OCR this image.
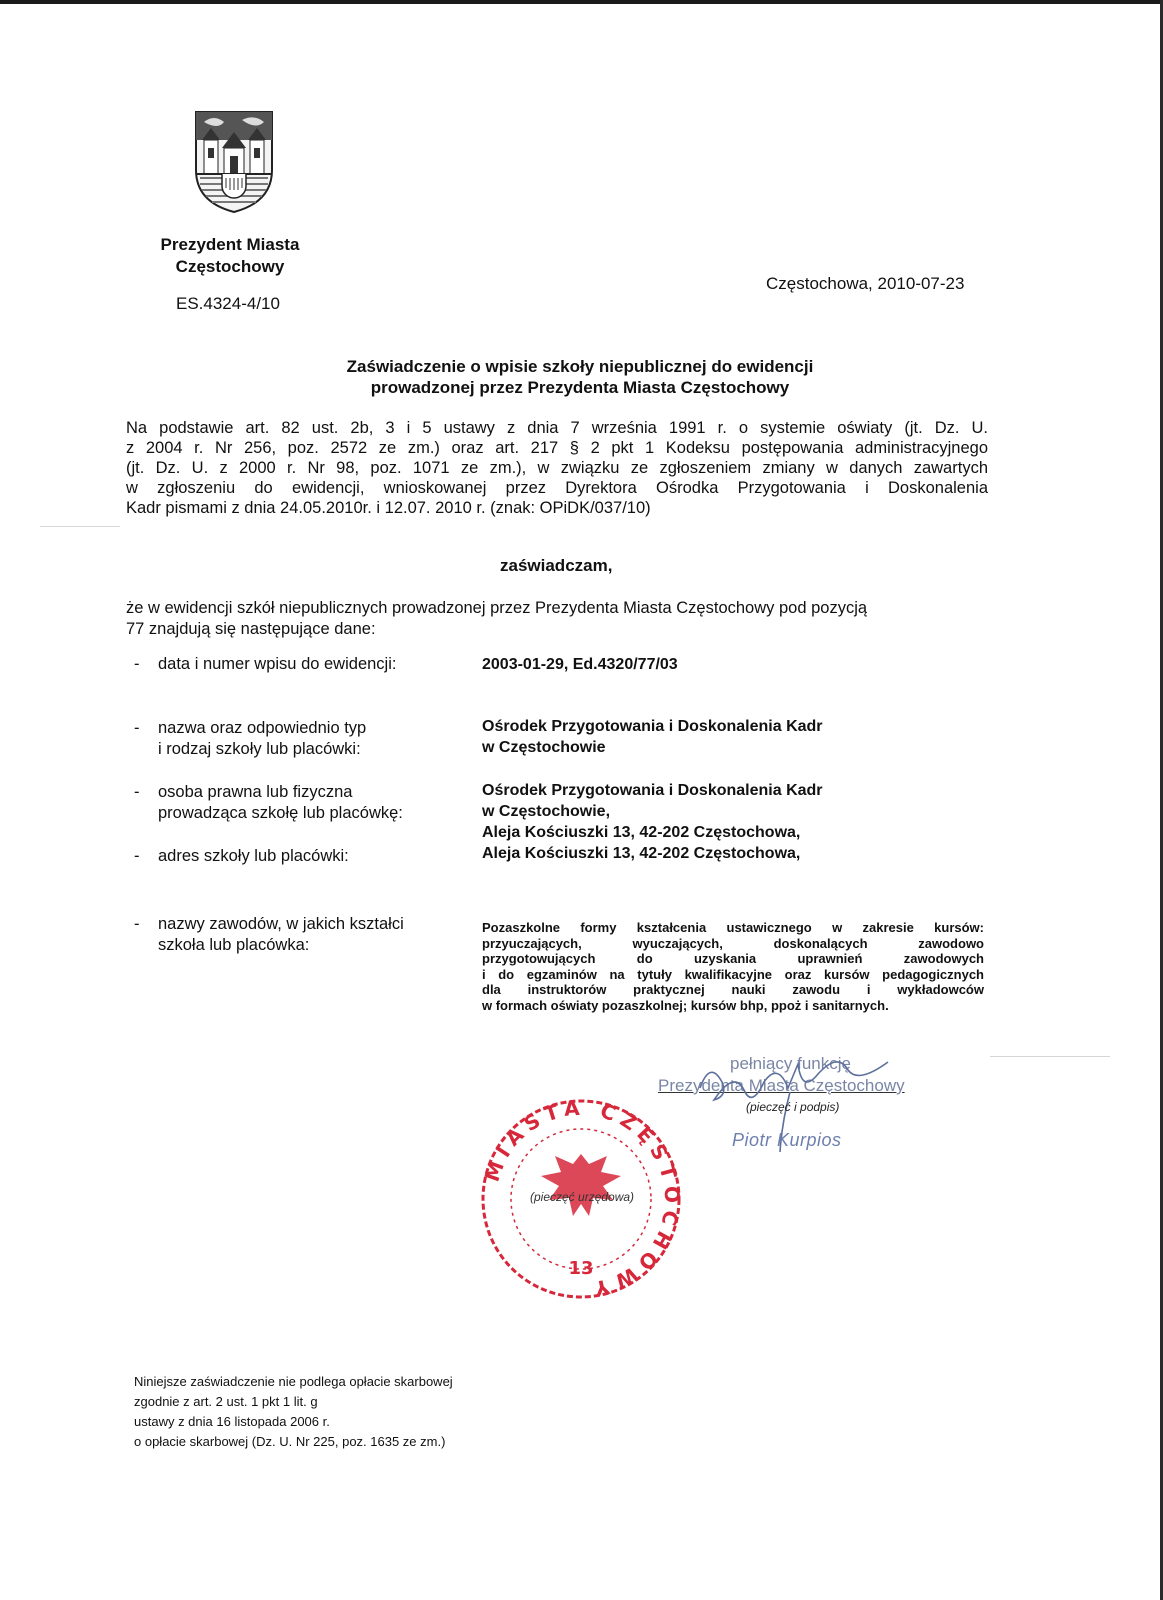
Prezydent Miasta
Częstochowy
ES.4324-4/10
Częstochowa, 2010-07-23
Zaświadczenie o wpisie szkoły niepublicznej do ewidencji
prowadzonej przez Prezydenta Miasta Częstochowy
Na podstawie art. 82 ust. 2b, 3 i 5 ustawy z dnia 7 września 1991 r. o systemie oświaty (jt. Dz. U.
z 2004 r. Nr 256, poz. 2572 ze zm.) oraz art. 217 § 2 pkt 1 Kodeksu postępowania administracyjnego
(jt. Dz. U. z 2000 r. Nr 98, poz. 1071 ze zm.), w związku ze zgłoszeniem zmiany w danych zawartych
w zgłoszeniu do ewidencji, wnioskowanej przez Dyrektora Ośrodka Przygotowania i Doskonalenia
Kadr pismami z dnia 24.05.2010r. i 12.07. 2010 r. (znak: OPiDK/037/10)
zaświadczam,
że w ewidencji szkół niepublicznych prowadzonej przez Prezydenta Miasta Częstochowy pod pozycją
77 znajdują się następujące dane:
- data i numer wpisu do ewidencji:	2003-01-29, Ed.4320/77/03
- nazwa oraz odpowiednio typ
i rodzaj szkoły lub placówki:
Ośrodek Przygotowania i Doskonalenia Kadr
w Częstochowie
- osoba prawna lub fizyczna
prowadząca szkołę lub placówkę:
Ośrodek Przygotowania i Doskonalenia Kadr
w Częstochowie,
Aleja Kościuszki 13, 42-202 Częstochowa,
- adres szkoły lub placówki:	Aleja Kościuszki 13, 42-202 Częstochowa,
- nazwy zawodów, w jakich kształci
szkoła lub placówka:
Pozaszkolne formy kształcenia ustawicznego w zakresie kursów:
przyuczających, wyuczających, doskonalących zawodowo
przygotowujących do uzyskania uprawnień zawodowych
i do egzaminów na tytuły kwalifikacyjne oraz kursów pedagogicznych
dla instruktorów praktycznej nauki zawodu i wykładowców
w formach oświaty pozaszkolnej; kursów bhp, ppoż i sanitarnych.
pełniący funkcję
Prezydenta Miasta Częstochowy
(pieczęć i podpis)
Piotr Kurpios
MIASTA CZĘSTOCHOWY
13
(pieczęć urzędowa)
Niniejsze zaświadczenie nie podlega opłacie skarbowej
zgodnie z art. 2 ust. 1 pkt 1 lit. g
ustawy z dnia 16 listopada 2006 r.
o opłacie skarbowej (Dz. U. Nr 225, poz. 1635 ze zm.)
